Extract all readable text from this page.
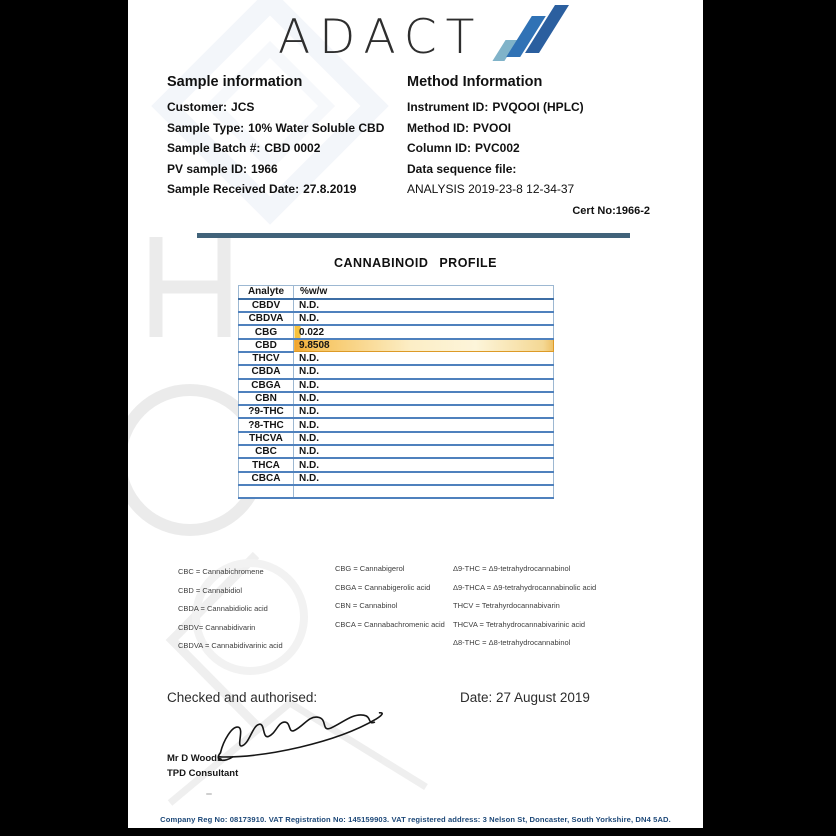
ADACT
Sample information
Customer: JCS
Sample Type: 10% Water Soluble CBD
Sample Batch #: CBD 0002
PV sample ID: 1966
Sample Received Date: 27.8.2019
Method Information
Instrument ID: PVQOOI (HPLC)
Method ID: PVOOI
Column ID: PVC002
Data sequence file:
ANALYSIS 2019-23-8 12-34-37
Cert No:1966-2
CANNABINOID PROFILE
Analyte	%w/w
CBDV	N.D.
CBDVA	N.D.
CBG	0.022
CBD	9.8508
THCV	N.D.
CBDA	N.D.
CBGA	N.D.
CBN	N.D.
?9-THC	N.D.
?8-THC	N.D.
THCVA	N.D.
CBC	N.D.
THCA	N.D.
CBCA	N.D.

CBC = Cannabichromene
CBD = Cannabidiol
CBDA = Cannabidiolic acid
CBDV= Cannabidivarin
CBDVA = Cannabidivarinic acid
CBG = Cannabigerol
CBGA = Cannabigerolic acid
CBN = Cannabinol
CBCA = Cannabachromenic acid
Δ9-THC = Δ9-tetrahydrocannabinol
Δ9-THCA = Δ9-tetrahydrocannabinolic acid
THCV = Tetrahyrdocannabivarin
THCVA = Tetrahydrocannabivarinic acid
Δ8-THC = Δ8-tetrahydrocannabinol
Checked and authorised:	Date: 27 August 2019
Mr D Woods
TPD Consultant
Company Reg No: 08173910. VAT Registration No: 145159903. VAT registered address: 3 Nelson St, Doncaster, South Yorkshire, DN4 5AD.
